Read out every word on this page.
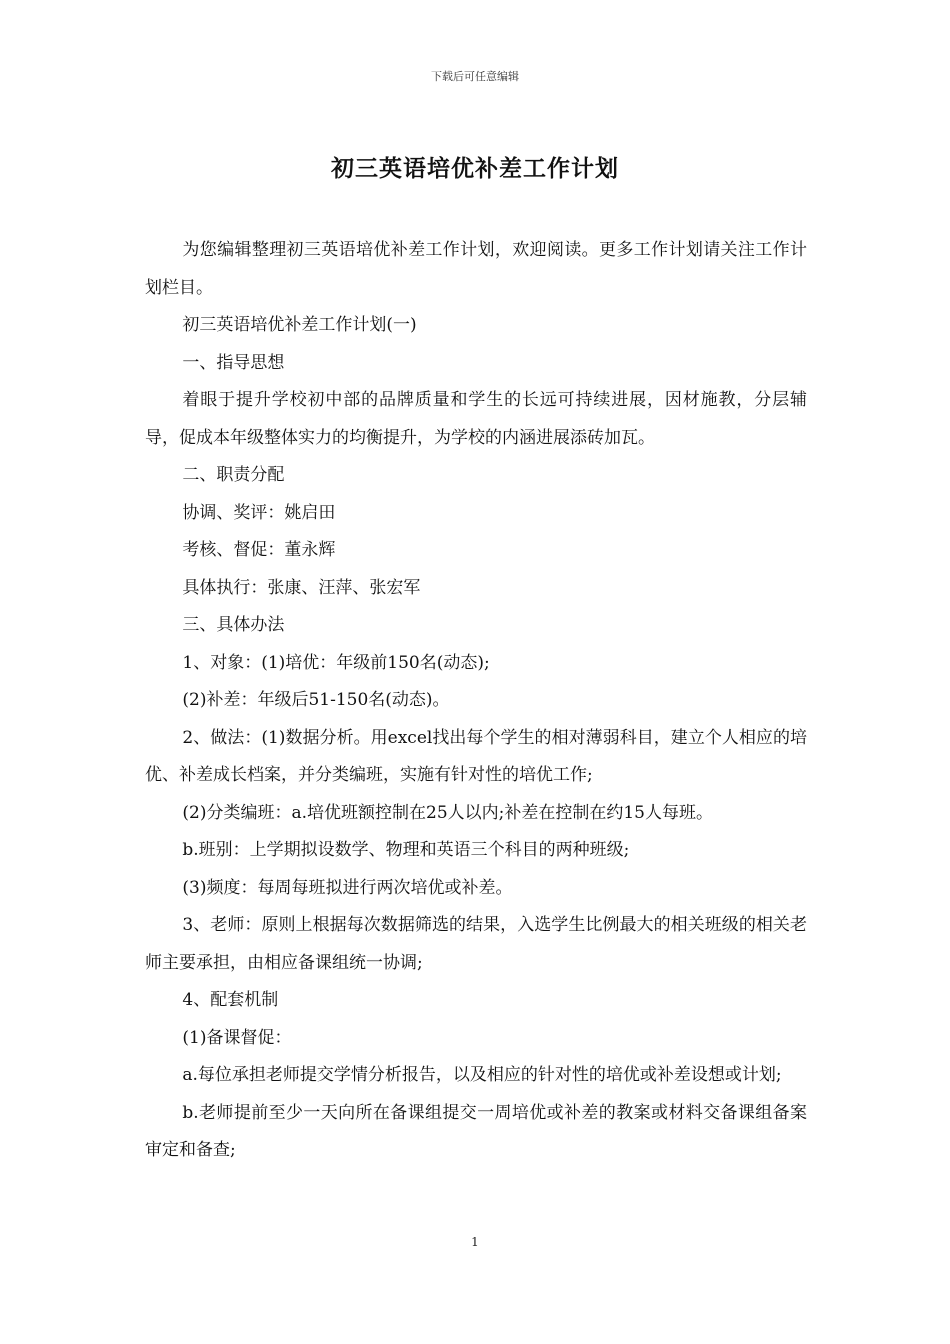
下载后可任意编辑
初三英语培优补差工作计划

为您编辑整理初三英语培优补差工作计划，欢迎阅读。更多工作计划请关注工作计划栏目。

初三英语培优补差工作计划(一)

一、指导思想

着眼于提升学校初中部的品牌质量和学生的长远可持续进展，因材施教，分层辅导，促成本年级整体实力的均衡提升，为学校的内涵进展添砖加瓦。

二、职责分配

协调、奖评：姚启田

考核、督促：董永辉

具体执行：张康、汪萍、张宏军

三、具体办法

1、对象：(1)培优：年级前150名(动态);

(2)补差：年级后51-150名(动态)。

2、做法：(1)数据分析。用excel找出每个学生的相对薄弱科目，建立个人相应的培优、补差成长档案，并分类编班，实施有针对性的培优工作;

(2)分类编班：a.培优班额控制在25人以内;补差在控制在约15人每班。

b.班别：上学期拟设数学、物理和英语三个科目的两种班级;

(3)频度：每周每班拟进行两次培优或补差。

3、老师：原则上根据每次数据筛选的结果，入选学生比例最大的相关班级的相关老师主要承担，由相应备课组统一协调;

4、配套机制

(1)备课督促：

a.每位承担老师提交学情分析报告，以及相应的针对性的培优或补差设想或计划;

b.老师提前至少一天向所在备课组提交一周培优或补差的教案或材料交备课组备案审定和备查;

1
